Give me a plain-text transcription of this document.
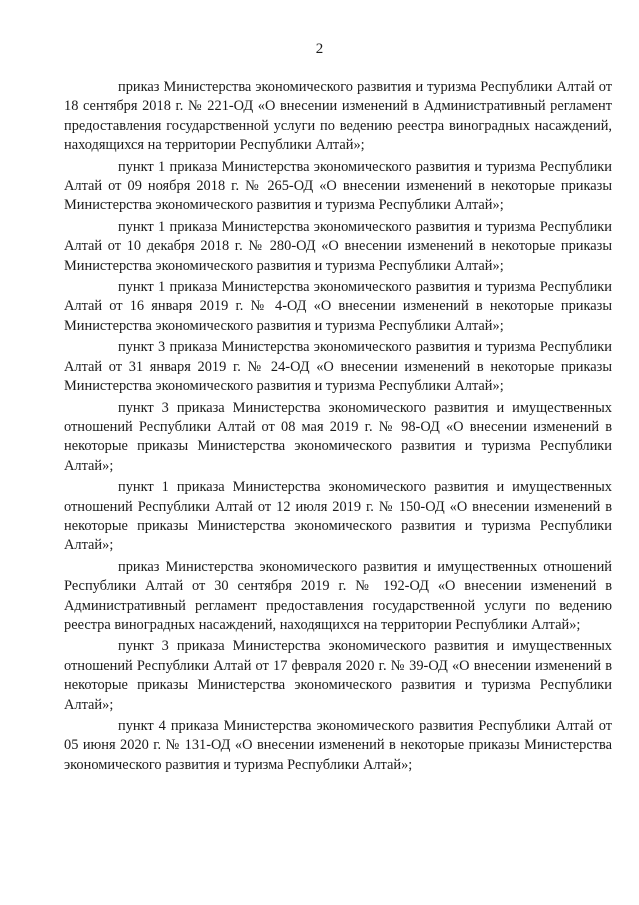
2

приказ Министерства экономического развития и туризма Республики Алтай от 18 сентября 2018 г. № 221-ОД «О внесении изменений в Административный регламент предоставления государственной услуги по ведению реестра виноградных насаждений, находящихся на территории Республики Алтай»;

пункт 1 приказа Министерства экономического развития и туризма Республики Алтай от 09 ноября 2018 г. № 265-ОД «О внесении изменений в некоторые приказы Министерства экономического развития и туризма Республики Алтай»;

пункт 1 приказа Министерства экономического развития и туризма Республики Алтай от 10 декабря 2018 г. № 280-ОД «О внесении изменений в некоторые приказы Министерства экономического развития и туризма Республики Алтай»;

пункт 1 приказа Министерства экономического развития и туризма Республики Алтай от 16 января 2019 г. № 4-ОД «О внесении изменений в некоторые приказы Министерства экономического развития и туризма Республики Алтай»;

пункт 3 приказа Министерства экономического развития и туризма Республики Алтай от 31 января 2019 г. № 24-ОД «О внесении изменений в некоторые приказы Министерства экономического развития и туризма Республики Алтай»;

пункт 3 приказа Министерства экономического развития и имущественных отношений Республики Алтай от 08 мая 2019 г. № 98-ОД «О внесении изменений в некоторые приказы Министерства экономического развития и туризма Республики Алтай»;

пункт 1 приказа Министерства экономического развития и имущественных отношений Республики Алтай от 12 июля 2019 г. № 150-ОД «О внесении изменений в некоторые приказы Министерства экономического развития и туризма Республики Алтай»;

приказ Министерства экономического развития и имущественных отношений Республики Алтай от 30 сентября 2019 г. № 192-ОД «О внесении изменений в Административный регламент предоставления государственной услуги по ведению реестра виноградных насаждений, находящихся на территории Республики Алтай»;

пункт 3 приказа Министерства экономического развития и имущественных отношений Республики Алтай от 17 февраля 2020 г. № 39-ОД «О внесении изменений в некоторые приказы Министерства экономического развития и туризма Республики Алтай»;

пункт 4 приказа Министерства экономического развития Республики Алтай от 05 июня 2020 г. № 131-ОД «О внесении изменений в некоторые приказы Министерства экономического развития и туризма Республики Алтай»;
